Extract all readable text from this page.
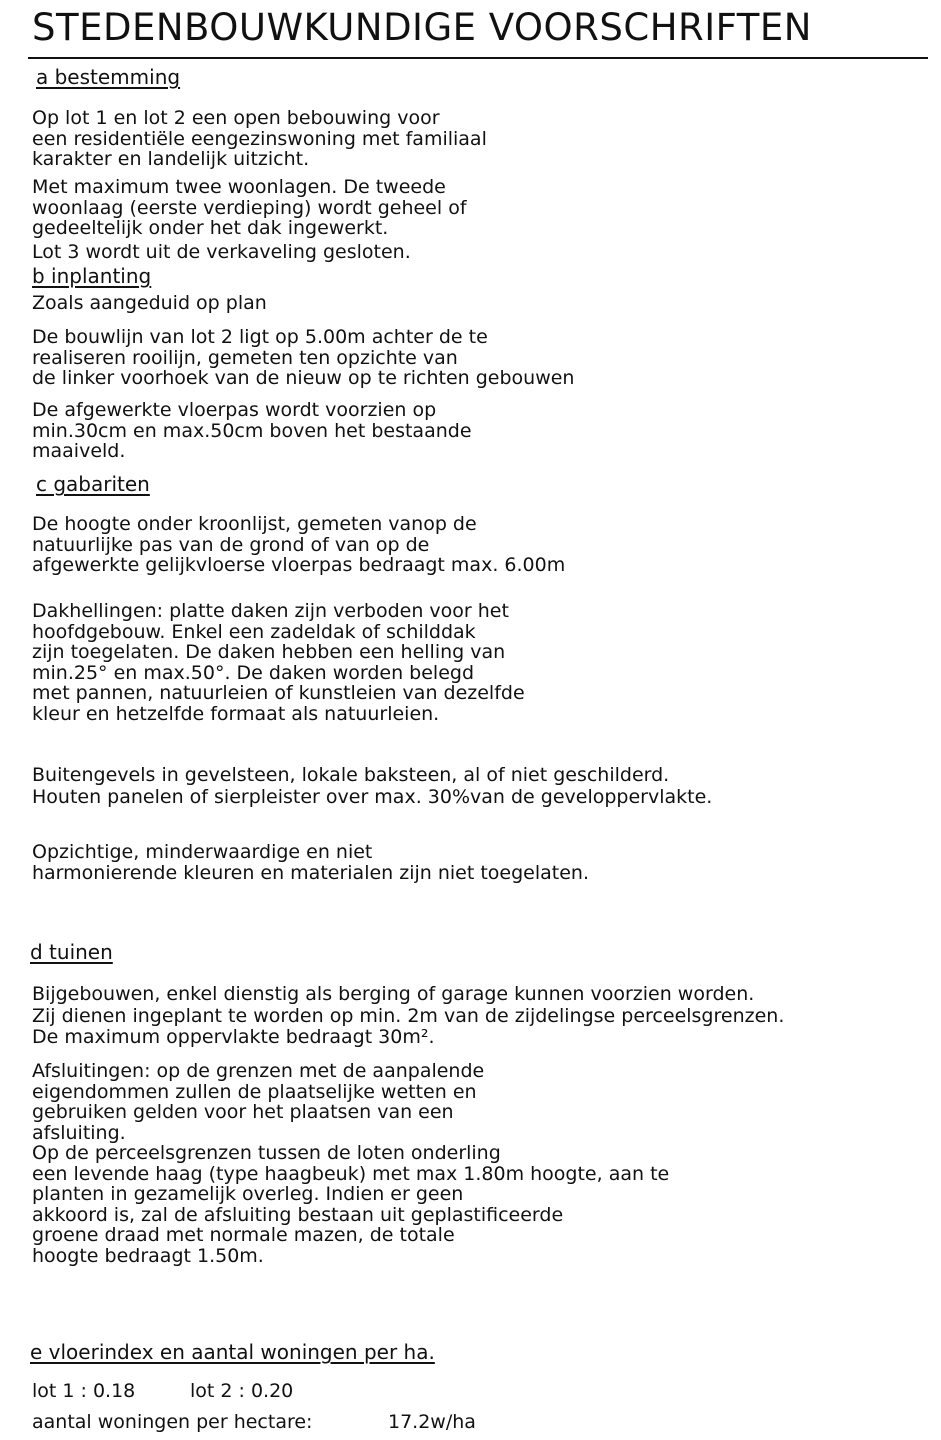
STEDENBOUWKUNDIGE VOORSCHRIFTEN
a bestemming
Op lot 1 en lot 2 een open bebouwing voor
een residentiële eengezinswoning met familiaal
karakter en landelijk uitzicht.
Met maximum twee woonlagen. De tweede
woonlaag (eerste verdieping) wordt geheel of
gedeeltelijk onder het dak ingewerkt.
Lot 3 wordt uit de verkaveling gesloten.
b inplanting
Zoals aangeduid op plan
De bouwlijn van lot 2 ligt op 5.00m achter de te
realiseren rooilijn, gemeten ten opzichte van
de linker voorhoek van de nieuw op te richten gebouwen
De afgewerkte vloerpas wordt voorzien op
min.30cm en max.50cm boven het bestaande
maaiveld.
c gabariten
De hoogte onder kroonlijst, gemeten vanop de
natuurlijke pas van de grond of van op de
afgewerkte gelijkvloerse vloerpas bedraagt max. 6.00m
Dakhellingen: platte daken zijn verboden voor het
hoofdgebouw. Enkel een zadeldak of schilddak
zijn toegelaten. De daken hebben een helling van
min.25° en max.50°. De daken worden belegd
met pannen, natuurleien of kunstleien van dezelfde
kleur en hetzelfde formaat als natuurleien.
Buitengevels in gevelsteen, lokale baksteen, al of niet geschilderd.
Houten panelen of sierpleister over max. 30%van de geveloppervlakte.
Opzichtige, minderwaardige en niet
harmonierende kleuren en materialen zijn niet toegelaten.
d tuinen
Bijgebouwen, enkel dienstig als berging of garage kunnen voorzien worden.
Zij dienen ingeplant te worden op min. 2m van de zijdelingse perceelsgrenzen.
De maximum oppervlakte bedraagt 30m².
Afsluitingen: op de grenzen met de aanpalende
eigendommen zullen de plaatselijke wetten en
gebruiken gelden voor het plaatsen van een
afsluiting.
Op de perceelsgrenzen tussen de loten onderling
een levende haag (type haagbeuk) met max 1.80m hoogte, aan te
planten in gezamelijk overleg. Indien er geen
akkoord is, zal de afsluiting bestaan uit geplastificeerde
groene draad met normale mazen, de totale
hoogte bedraagt 1.50m.
e vloerindex en aantal woningen per ha.

lot 1 : 0.18	lot 2 : 0.20

aantal woningen per hectare:	17.2w/ha
